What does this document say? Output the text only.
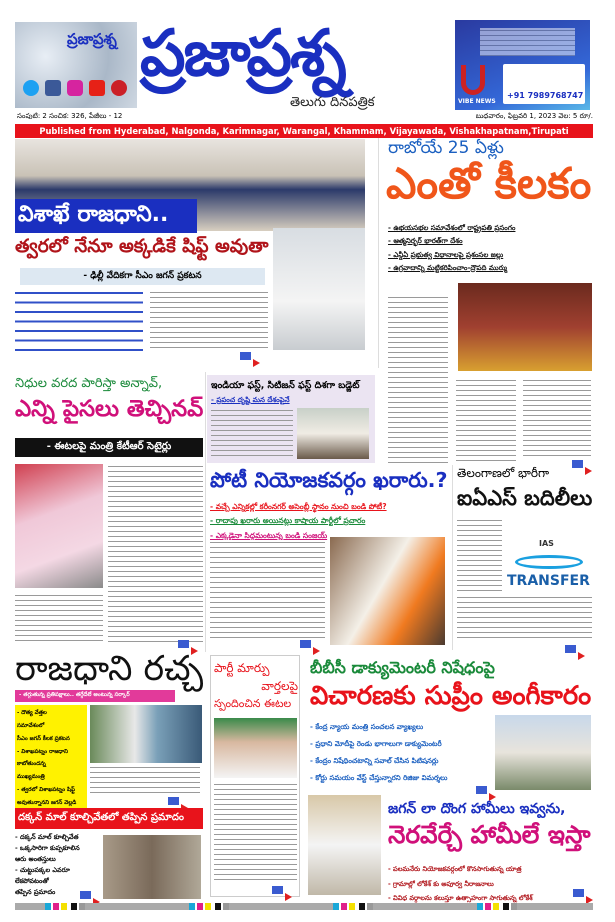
ప్రజాప్రశ్న ప్రజాప్రశ్న
తెలుగు దినపత్రిక	VIBE NEWS
+91 7989768747
సంపుటి: 2 సంచిక: 326, పేజీలు - 12	బుధవారం, ఫిబ్రవరి 1, 2023 వెల: 5 రూ/.
Published from Hyderabad, Nalgonda, Karimnagar, Warangal, Khammam, Vijayawada, Vishakhapatnam,Tirupati
విశాఖే రాజధాని..
త్వరలో నేనూ అక్కడికే షిఫ్ట్ అవుతా
- ఢిల్లీ వేదికగా సీఎం జగన్ ప్రకటన
రాబోయే 25 ఏళ్లు
ఎంతో కీలకం
- ఉభయసభల సమావేశంలో రాష్ట్రపతి ప్రసంగం
- ఆత్మనిర్భర్ భారత్‌గా దేశం
- ఎన్డీఏ ప్రభుత్వ విధానాలపై ప్రశంసల జల్లు
- ఉగ్రవాదాన్ని మట్టికరిపించాం-ద్రౌపది ముర్ము
నిధుల వరద పారిస్తా అన్నావ్,
ఎన్ని పైసలు తెచ్చినవ్
- ఈటలపై మంత్రి కేటీఆర్ సెటైర్లు
ఇండియా ఫస్ట్, సిటిజన్ ఫస్ట్ దిశగా బడ్జెట్
- ప్రపంచ దృష్టి మన దేశంపైనే
పోటీ నియోజకవర్గం ఖరారు.?
- వచ్చే ఎన్నికల్లో కరీంనగర్ అసెంబ్లీ స్థానం నుంచి బండి పోటీ?
- రాదాపు ఖరారు అయినట్లు కాషాయ పార్టీలో ప్రచారం
- ఎక్కడైనా సిద్ధమంటున్న బండి సంజయ్
తెలంగాణలో భారీగా
ఐఏఎస్ బదిలీలు
IAS
TRANSFER
రాజధాని రచ్చ
- తగ్గుతున్న ప్రతిపక్షాలు.. తగ్గేదేలే అంటున్న సర్కార్
- దౌత్య వేత్తల
సమావేశంలో
సీఎం జగన్ కీలక ప్రకటన
- విశాఖపట్నం రాజధాని
కాబోతుందన్న
ముఖ్యమంత్రి
- త్వరలో విశాఖపట్నం షిఫ్ట్
అవుతున్నానని జగన్ వెల్లడి
దక్కన్ మాల్ కూల్చివేతలో తప్పిన ప్రమాదం
- దక్కన్ మాల్ కూల్చివేత
- ఒక్కసారిగా కుప్పకూలిన
ఆరు అంతస్తులు
- చుట్టుపక్కల ఎవరూ
లేకపోవటంతో
తప్పిన ప్రమాదం
పార్టీ మార్పు
వార్తలపై
స్పందించిన ఈటల
బీబీసీ డాక్యుమెంటరీ నిషేధంపై
విచారణకు సుప్రీం అంగీకారం
- కేంద్ర న్యాయ మంత్రి సంచలన వ్యాఖ్యలు
- ప్రధాని మోదీపై రెండు భాగాలుగా డాక్యుమెంటరీ
- కేంద్రం నిషేధించటాన్ని సవాల్ చేసిన పిటిషనర్లు
- కోర్టు సమయం వేస్ట్ చేస్తున్నారని రిజిజు విమర్శలు
జగన్ లా దొంగ హామీలు ఇవ్వను,
నెరవేర్చే హామీలే ఇస్తా
- పలమనేరు నియోజకవర్గంలో కొనసాగుతున్న యాత్ర
- గ్రామాల్లో లోకేశ్ కు అపూర్వ నీరాజనాలు
- వివిధ వర్గాలను కలుస్తూ ఉత్సాహంగా సాగుతున్న లోకేశ్
